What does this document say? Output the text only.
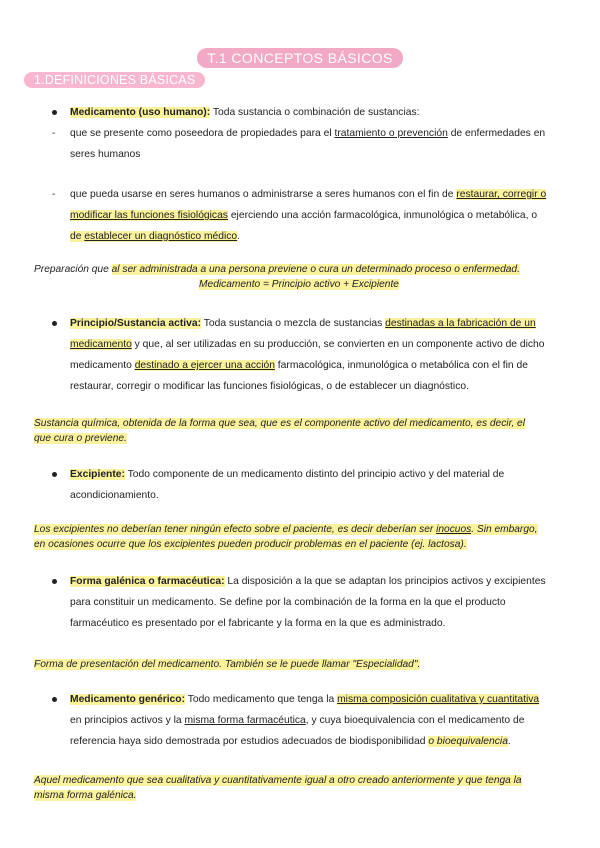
T.1 CONCEPTOS BÁSICOS
1.DEFINICIONES BÁSICAS
Medicamento (uso humano): Toda sustancia o combinación de sustancias:
- que se presente como poseedora de propiedades para el tratamiento o prevención de enfermedades en
seres humanos
- que pueda usarse en seres humanos o administrarse a seres humanos con el fin de restaurar, corregir o
modificar las funciones fisiológicas ejerciendo una acción farmacológica, inmunológica o metabólica, o
de establecer un diagnóstico médico.
Preparación que al ser administrada a una persona previene o cura un determinado proceso o enfermedad.
Medicamento = Principio activo + Excipiente
Principio/Sustancia activa: Toda sustancia o mezcla de sustancias destinadas a la fabricación de un
medicamento y que, al ser utilizadas en su producción, se convierten en un componente activo de dicho
medicamento destinado a ejercer una acción farmacológica, inmunológica o metabólica con el fin de
restaurar, corregir o modificar las funciones fisiológicas, o de establecer un diagnóstico.
Sustancia química, obtenida de la forma que sea, que es el componente activo del medicamento, es decir, el
que cura o previene.
Excipiente: Todo componente de un medicamento distinto del principio activo y del material de
acondicionamiento.
Los excipientes no deberían tener ningún efecto sobre el paciente, es decir deberían ser inocuos. Sin embargo,
en ocasiones ocurre que los excipientes pueden producir problemas en el paciente (ej. lactosa).
Forma galénica o farmacéutica: La disposición a la que se adaptan los principios activos y excipientes
para constituir un medicamento. Se define por la combinación de la forma en la que el producto
farmacéutico es presentado por el fabricante y la forma en la que es administrado.
Forma de presentación del medicamento. También se le puede llamar "Especialidad".
Medicamento genérico: Todo medicamento que tenga la misma composición cualitativa y cuantitativa
en principios activos y la misma forma farmacéutica, y cuya bioequivalencia con el medicamento de
referencia haya sido demostrada por estudios adecuados de biodisponibilidad o bioequivalencia.
Aquel medicamento que sea cualitativa y cuantitativamente igual a otro creado anteriormente y que tenga la
misma forma galénica.
